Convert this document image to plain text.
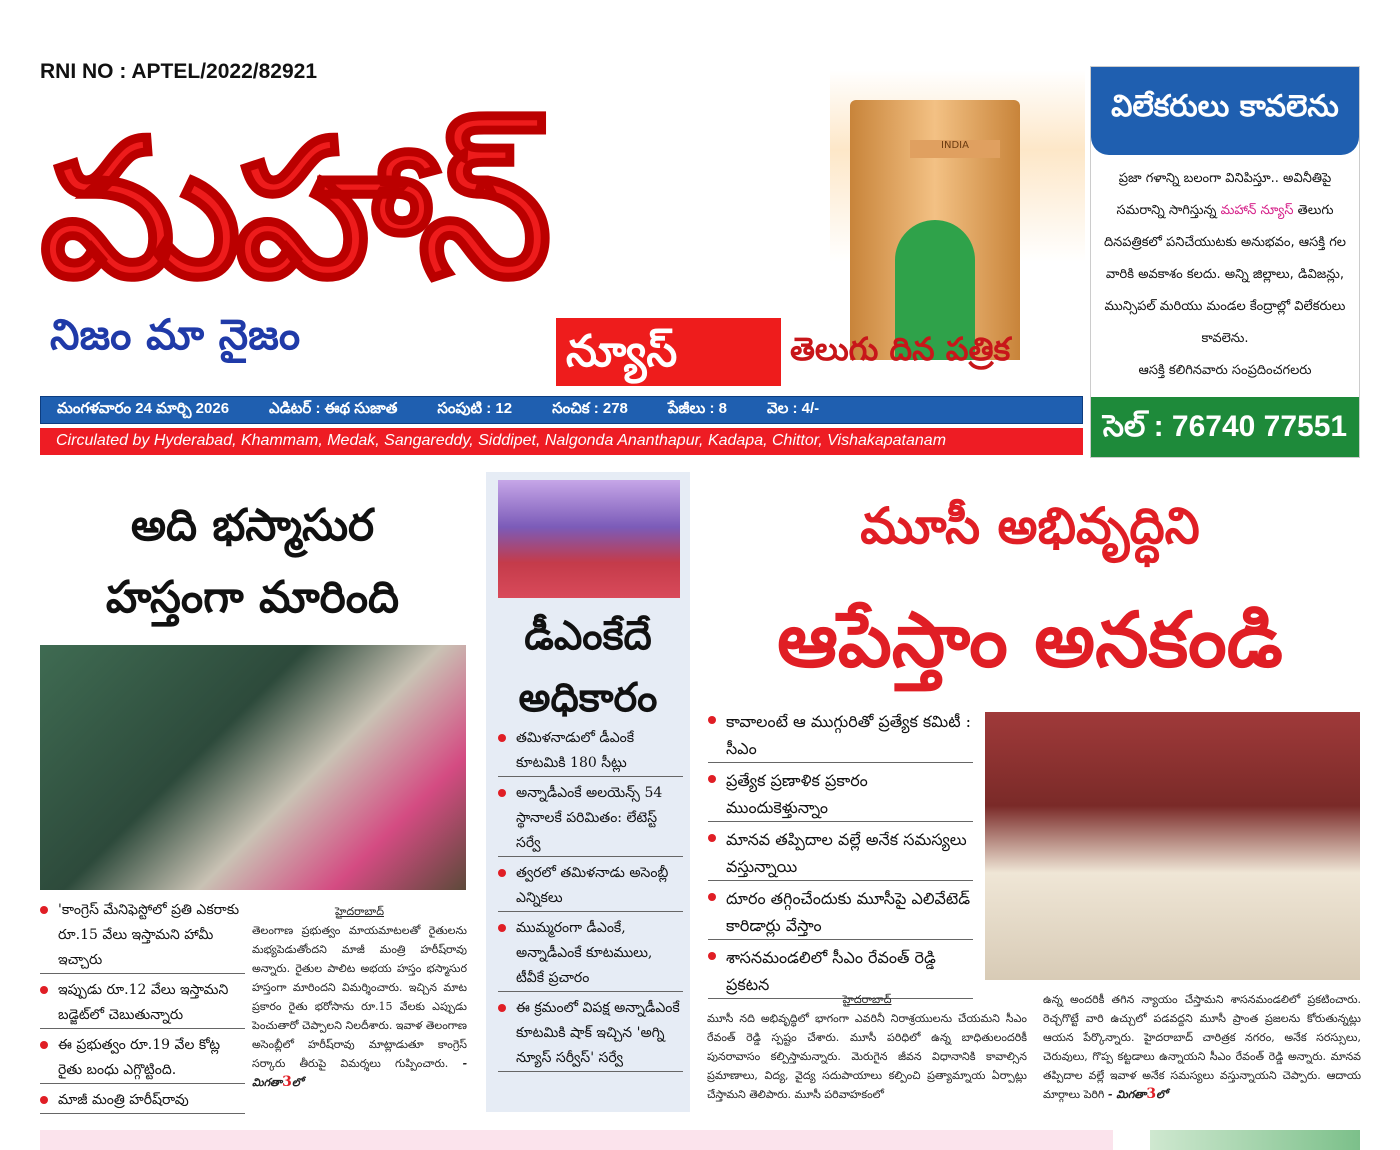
RNI NO : APTEL/2022/82921
మహాన్
నిజం మా నైజం
INDIA
న్యూస్	తెలుగు దిన పత్రిక
మంగళవారం 24 మార్చి 2026	ఎడిటర్ : ఈథ సుజాత	సంపుటి : 12	సంచిక : 278	పేజీలు : 8	వెల : 4/-
Circulated by Hyderabad, Khammam, Medak, Sangareddy, Siddipet, Nalgonda Ananthapur, Kadapa, Chittor, Vishakapatanam
విలేకరులు కావలెను
ప్రజా గళాన్ని బలంగా వినిపిస్తూ.. అవినీతిపై సమరాన్ని సాగిస్తున్న మహాన్ న్యూస్ తెలుగు దినపత్రికలో పనిచేయుటకు అనుభవం, ఆసక్తి గల వారికి అవకాశం కలదు. అన్ని జిల్లాలు, డివిజన్లు, మున్సిపల్ మరియు మండల కేంద్రాల్లో విలేకరులు కావలెను.
ఆసక్తి కలిగినవారు సంప్రదించగలరు
సెల్ : 76740 77551
అది భస్మాసుర
హస్తంగా మారింది
'కాంగ్రెస్ మేనిఫెస్టోలో ప్రతి ఎకరాకు రూ.15 వేలు ఇస్తామని హామీ ఇచ్చారు
ఇప్పుడు రూ.12 వేలు ఇస్తామని బడ్జెట్‌లో చెబుతున్నారు
ఈ ప్రభుత్వం రూ.19 వేల కోట్ల రైతు బంధు ఎగ్గొట్టింది.
మాజీ మంత్రి హరీష్‌రావు
హైదరాబాద్
తెలంగాణ ప్రభుత్వం మాయమాటలతో రైతులను మభ్యపెడుతోందని మాజీ మంత్రి హరీష్‌రావు అన్నారు. రైతుల పాలిట అభయ హస్తం భస్మాసుర హస్తంగా మారిందని విమర్శించారు. ఇచ్చిన మాట ప్రకారం రైతు భరోసాను రూ.15 వేలకు ఎప్పుడు పెంచుతారో చెప్పాలని నిలదీశారు. ఇవాళ తెలంగాణ అసెంబ్లీలో హరీష్‌రావు మాట్లాడుతూ కాంగ్రెస్ సర్కారు తీరుపై విమర్శలు గుప్పించారు. - మిగతా3లో
డీఎంకేదే
అధికారం
తమిళనాడులో డీఎంకే కూటమికి 180 సీట్లు
అన్నాడీఎంకే అలయెన్స్ 54 స్థానాలకే పరిమితం: లేటెస్ట్ సర్వే
త్వరలో తమిళనాడు అసెంబ్లీ ఎన్నికలు
ముమ్మరంగా డీఎంకే, అన్నాడీఎంకే కూటములు, టీవీకే ప్రచారం
ఈ క్రమంలో విపక్ష అన్నాడీఎంకే కూటమికి షాక్ ఇచ్చిన 'అగ్ని న్యూస్ సర్వీస్' సర్వే
మూసీ అభివృద్ధిని
ఆపేస్తాం అనకండి
కావాలంటే ఆ ముగ్గురితో ప్రత్యేక కమిటీ : సీఎం
ప్రత్యేక ప్రణాళిక ప్రకారం ముందుకెళ్తున్నాం
మానవ తప్పిదాల వల్లే అనేక సమస్యలు వస్తున్నాయి
దూరం తగ్గించేందుకు మూసీపై ఎలివేటెడ్ కారిడార్లు వేస్తాం
శాసనమండలిలో సీఎం రేవంత్ రెడ్డి ప్రకటన
హైదరాబాద్
మూసీ నది అభివృద్ధిలో భాగంగా ఎవరినీ నిరాశ్రయులను చేయమని సీఎం రేవంత్ రెడ్డి స్పష్టం చేశారు. మూసీ పరిధిలో ఉన్న బాధితులందరికీ పునరావాసం కల్పిస్తామన్నారు. మెరుగైన జీవన విధానానికి కావాల్సిన ప్రమాణాలు, విద్య, వైద్య సదుపాయాలు కల్పించి ప్రత్యామ్నాయ ఏర్పాట్లు చేస్తామని తెలిపారు. మూసీ పరివాహకంలో
ఉన్న అందరికీ తగిన న్యాయం చేస్తామని శాసనమండలిలో ప్రకటించారు. రెచ్చగొట్టే వారి ఉచ్చులో పడవద్దని మూసీ ప్రాంత ప్రజలను కోరుతున్నట్లు ఆయన పేర్కొన్నారు. హైదరాబాద్ చారిత్రక నగరం, అనేక సరస్సులు, చెరువులు, గొప్ప కట్టడాలు ఉన్నాయని సీఎం రేవంత్ రెడ్డి అన్నారు. మానవ తప్పిదాల వల్లే ఇవాళ అనేక సమస్యలు వస్తున్నాయని చెప్పారు. ఆదాయ మార్గాలు పెరిగి - మిగతా3లో
